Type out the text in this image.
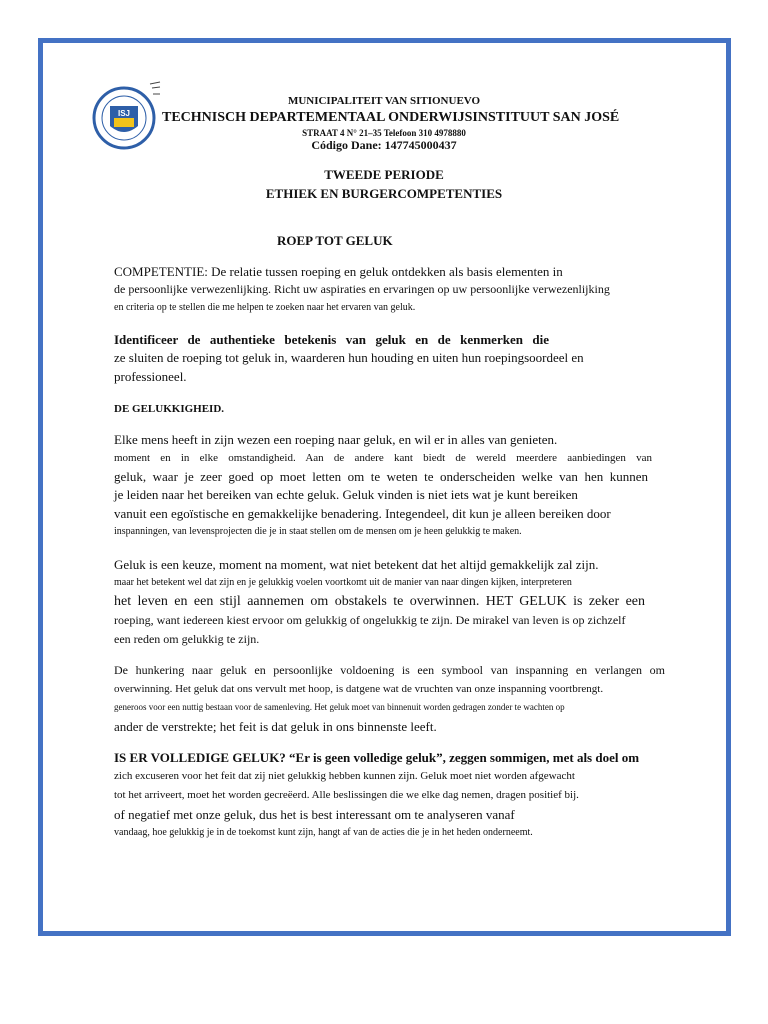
ISJ

MUNICIPALITEIT VAN SITIONUEVO

TECHNISCH DEPARTEMENTAAL ONDERWIJSINSTITUUT SAN JOSÉ

STRAAT 4 N° 21–35 Telefoon 310 4978880

Código Dane: 147745000437

TWEEDE PERIODE

ETHIEK EN BURGERCOMPETENTIES

ROEP TOT GELUK

COMPETENTIE: De relatie tussen roeping en geluk ontdekken als basis elementen in

de persoonlijke verwezenlijking. Richt uw aspiraties en ervaringen op uw persoonlijke verwezenlijking

en criteria op te stellen die me helpen te zoeken naar het ervaren van geluk.

Identificeer de authentieke betekenis van geluk en de kenmerken die

ze sluiten de roeping tot geluk in, waarderen hun houding en uiten hun roepingsoordeel en

professioneel.

DE GELUKKIGHEID.

Elke mens heeft in zijn wezen een roeping naar geluk, en wil er in alles van genieten.

moment en in elke omstandigheid. Aan de andere kant biedt de wereld meerdere aanbiedingen van

geluk, waar je zeer goed op moet letten om te weten te onderscheiden welke van hen kunnen

je leiden naar het bereiken van echte geluk. Geluk vinden is niet iets wat je kunt bereiken

vanuit een egoïstische en gemakkelijke benadering. Integendeel, dit kun je alleen bereiken door

inspanningen, van levensprojecten die je in staat stellen om de mensen om je heen gelukkig te maken.

Geluk is een keuze, moment na moment, wat niet betekent dat het altijd gemakkelijk zal zijn.

maar het betekent wel dat zijn en je gelukkig voelen voortkomt uit de manier van naar dingen kijken, interpreteren

het leven en een stijl aannemen om obstakels te overwinnen. HET GELUK is zeker een

roeping, want iedereen kiest ervoor om gelukkig of ongelukkig te zijn. De mirakel van leven is op zichzelf

een reden om gelukkig te zijn.

De hunkering naar geluk en persoonlijke voldoening is een symbool van inspanning en verlangen om

overwinning. Het geluk dat ons vervult met hoop, is datgene wat de vruchten van onze inspanning voortbrengt.

generoos voor een nuttig bestaan voor de samenleving. Het geluk moet van binnenuit worden gedragen zonder te wachten op

ander de verstrekte; het feit is dat geluk in ons binnenste leeft.

IS ER VOLLEDIGE GELUK? “Er is geen volledige geluk”, zeggen sommigen, met als doel om

zich excuseren voor het feit dat zij niet gelukkig hebben kunnen zijn. Geluk moet niet worden afgewacht

tot het arriveert, moet het worden gecreëerd. Alle beslissingen die we elke dag nemen, dragen positief bij.

of negatief met onze geluk, dus het is best interessant om te analyseren vanaf

vandaag, hoe gelukkig je in de toekomst kunt zijn, hangt af van de acties die je in het heden onderneemt.
